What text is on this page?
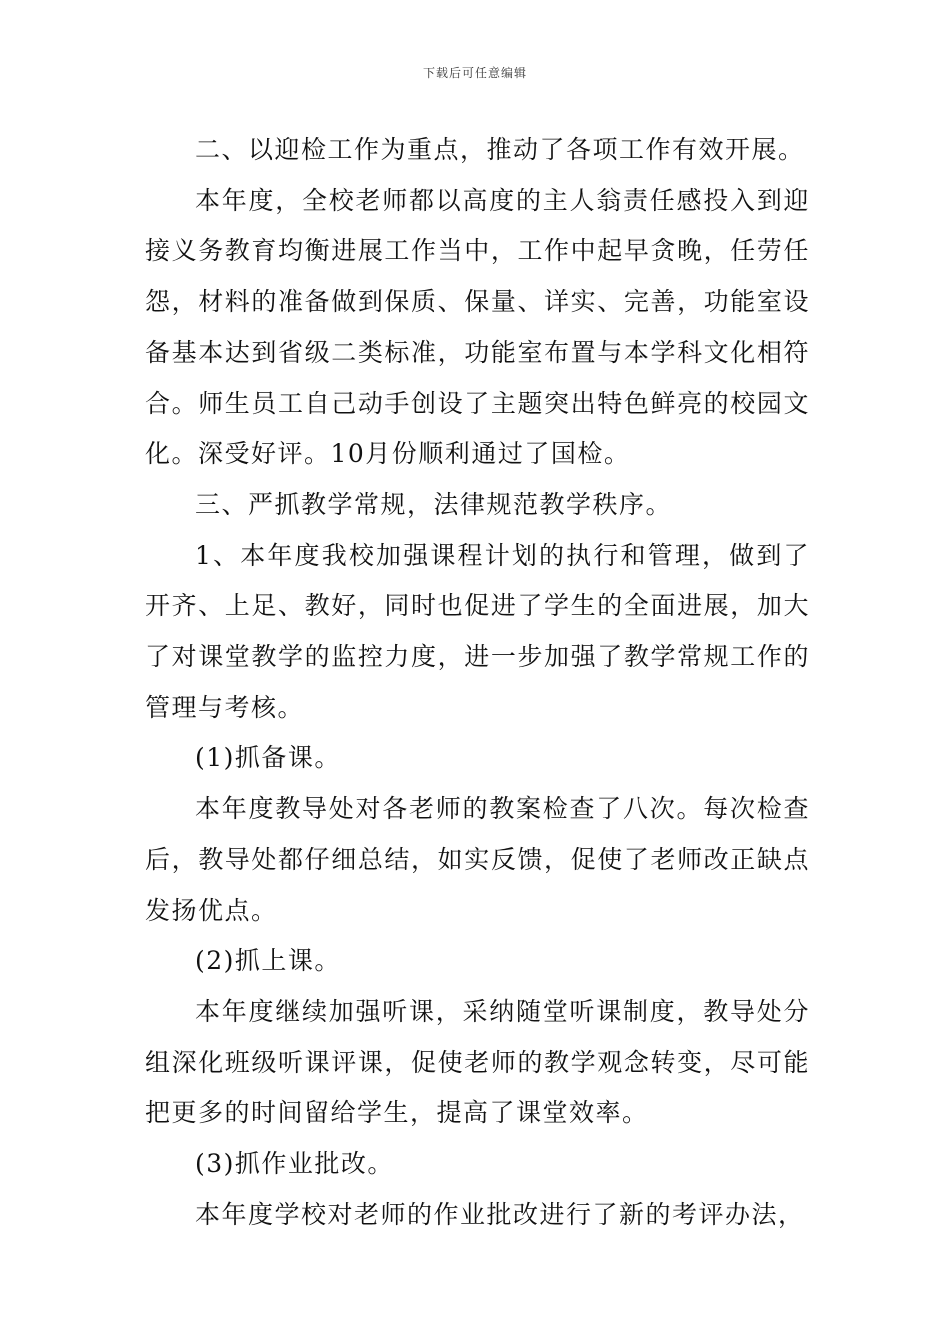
下载后可任意编辑

二、以迎检工作为重点，推动了各项工作有效开展。

本年度，全校老师都以高度的主人翁责任感投入到迎接义务教育均衡进展工作当中，工作中起早贪晚，任劳任怨，材料的准备做到保质、保量、详实、完善，功能室设备基本达到省级二类标准，功能室布置与本学科文化相符合。师生员工自己动手创设了主题突出特色鲜亮的校园文化。深受好评。10月份顺利通过了国检。

三、严抓教学常规，法律规范教学秩序。

1、本年度我校加强课程计划的执行和管理，做到了开齐、上足、教好，同时也促进了学生的全面进展，加大了对课堂教学的监控力度，进一步加强了教学常规工作的管理与考核。

(1)抓备课。

本年度教导处对各老师的教案检查了八次。每次检查后，教导处都仔细总结，如实反馈，促使了老师改正缺点发扬优点。

(2)抓上课。

本年度继续加强听课，采纳随堂听课制度，教导处分组深化班级听课评课，促使老师的教学观念转变，尽可能把更多的时间留给学生，提高了课堂效率。

(3)抓作业批改。

本年度学校对老师的作业批改进行了新的考评办法，
